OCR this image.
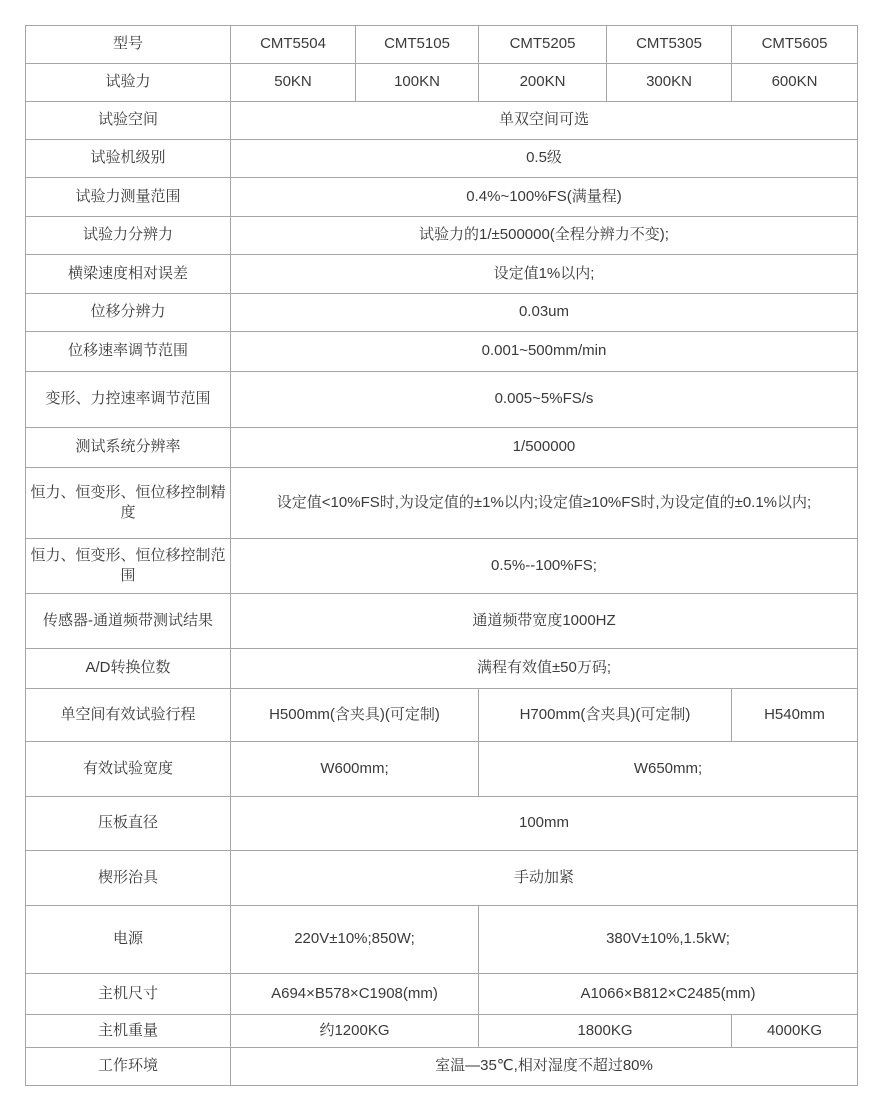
型号	CMT5504	CMT5105	CMT5205	CMT5305	CMT5605
试验力	50KN	100KN	200KN	300KN	600KN
试验空间	单双空间可选				
试验机级别	0.5级				
试验力测量范围	0.4%~100%FS(满量程)				
试验力分辨力	试验力的1/±500000(全程分辨力不变);				
横梁速度相对误差	设定值1%以内;				
位移分辨力	0.03um				
位移速率调节范围	0.001~500mm/min				
变形、力控速率调节范围	0.005~5%FS/s				
测试系统分辨率	1/500000				
恒力、恒变形、恒位移控制精度	设定值<10%FS时,为设定值的±1%以内;设定值≥10%FS时,为设定值的±0.1%以内;				
恒力、恒变形、恒位移控制范围	0.5%--100%FS;				
传感器-通道频带测试结果	通道频带宽度1000HZ				
A/D转换位数	满程有效值±50万码;				
单空间有效试验行程	H500mm(含夹具)(可定制)		H700mm(含夹具)(可定制)		H540mm
有效试验宽度	W600mm;		W650mm;		
压板直径	100mm				
楔形治具	手动加紧				
电源	220V±10%;850W;		380V±10%,1.5kW;		
主机尺寸	A694×B578×C1908(mm)		A1066×B812×C2485(mm)		
主机重量	约1200KG		1800KG		4000KG
工作环境	室温—35℃,相对湿度不超过80%				
